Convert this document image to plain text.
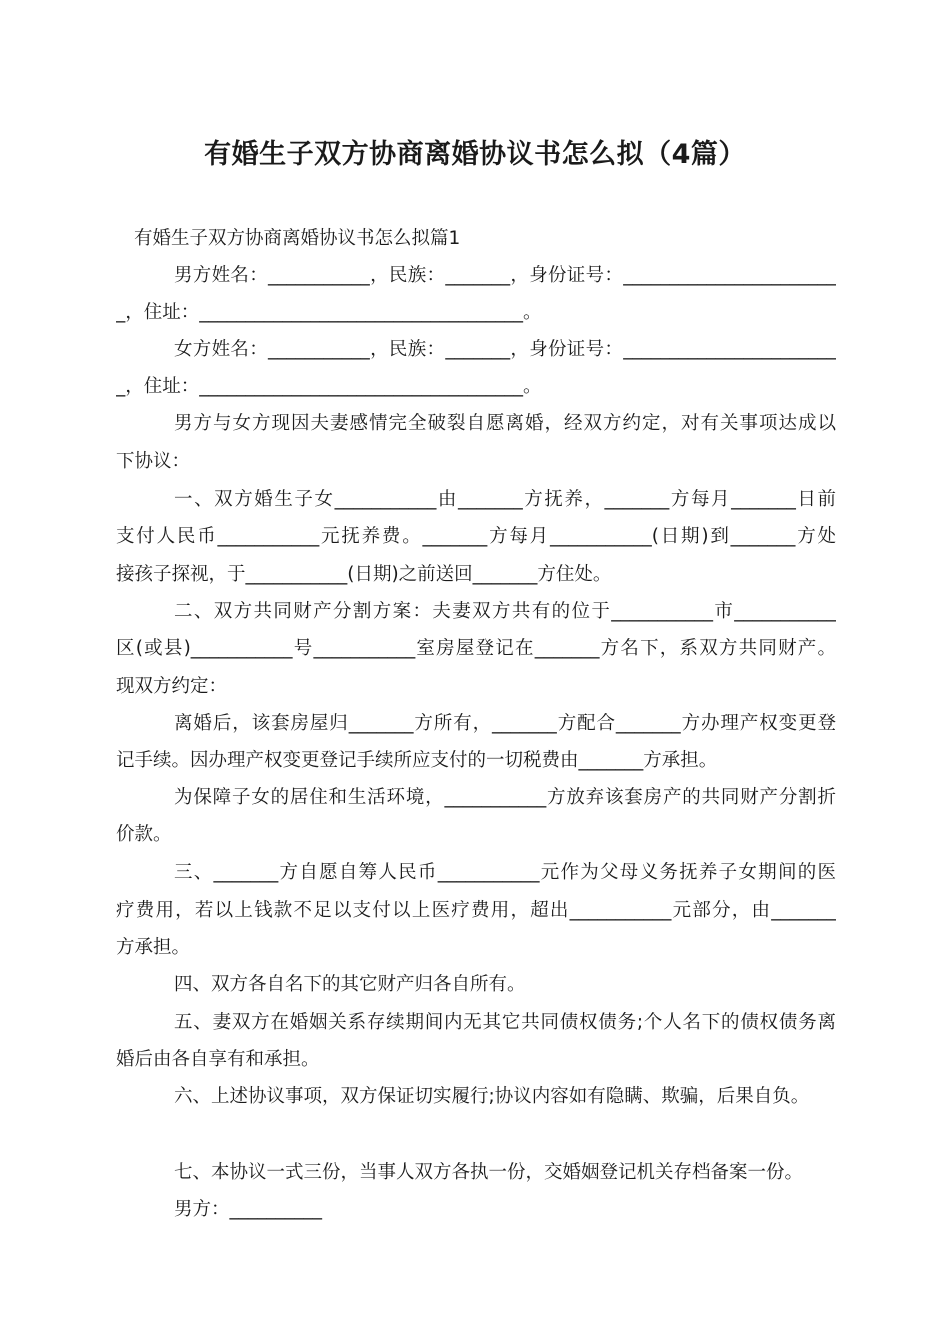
有婚生子双方协商离婚协议书怎么拟（4篇）
有婚生子双方协商离婚协议书怎么拟篇1
男方姓名：___________，民族：_______，身份证号：_______________________
_，住址：___________________________________。
女方姓名：___________，民族：_______，身份证号：_______________________
_，住址：___________________________________。
男方与女方现因夫妻感情完全破裂自愿离婚，经双方约定，对有关事项达成以
下协议：
一、双方婚生子女___________由_______方抚养，_______方每月_______日前
支付人民币___________元抚养费。_______方每月___________(日期)到_______方处
接孩子探视，于___________(日期)之前送回_______方住处。
二、双方共同财产分割方案：夫妻双方共有的位于___________市___________
区(或县)___________号___________室房屋登记在_______方名下，系双方共同财产。
现双方约定：
离婚后，该套房屋归_______方所有，_______方配合_______方办理产权变更登
记手续。因办理产权变更登记手续所应支付的一切税费由_______方承担。
为保障子女的居住和生活环境，___________方放弃该套房产的共同财产分割折
价款。
三、_______方自愿自筹人民币___________元作为父母义务抚养子女期间的医
疗费用，若以上钱款不足以支付以上医疗费用，超出___________元部分，由_______
方承担。
四、双方各自名下的其它财产归各自所有。
五、妻双方在婚姻关系存续期间内无其它共同债权债务;个人名下的债权债务离
婚后由各自享有和承担。
六、上述协议事项，双方保证切实履行;协议内容如有隐瞒、欺骗，后果自负。
七、本协议一式三份，当事人双方各执一份，交婚姻登记机关存档备案一份。
男方：__________
